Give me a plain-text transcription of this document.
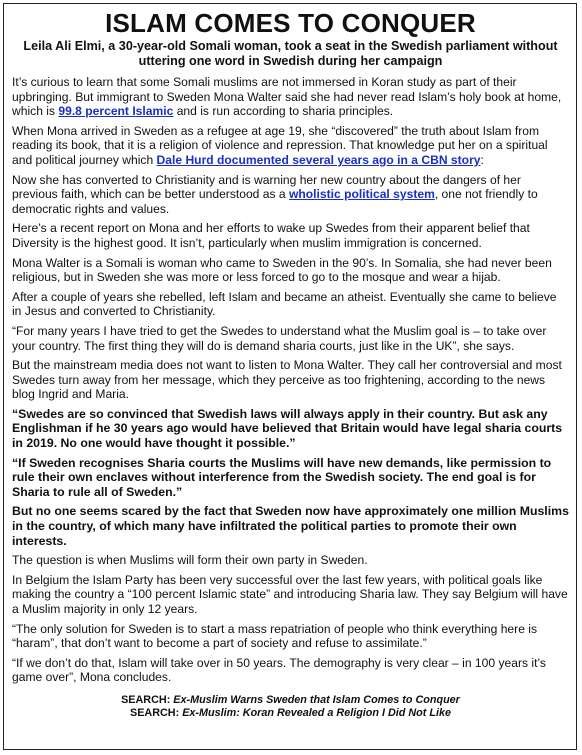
ISLAM COMES TO CONQUER

Leila Ali Elmi, a 30-year-old Somali woman, took a seat in the Swedish parliament without uttering one word in Swedish during her campaign

It’s curious to learn that some Somali muslims are not immersed in Koran study as part of their upbringing. But immigrant to Sweden Mona Walter said she had never read Islam’s holy book at home, which is 99.8 percent Islamic and is run according to sharia principles.

When Mona arrived in Sweden as a refugee at age 19, she “discovered” the truth about Islam from reading its book, that it is a religion of violence and repression. That knowledge put her on a spiritual and political journey which Dale Hurd documented several years ago in a CBN story:

Now she has converted to Christianity and is warning her new country about the dangers of her previous faith, which can be better understood as a wholistic political system, one not friendly to democratic rights and values.

Here’s a recent report on Mona and her efforts to wake up Swedes from their apparent belief that Diversity is the highest good. It isn’t, particularly when muslim immigration is concerned.

Mona Walter is a Somali is woman who came to Sweden in the 90’s. In Somalia, she had never been religious, but in Sweden she was more or less forced to go to the mosque and wear a hijab.

After a couple of years she rebelled, left Islam and became an atheist. Eventually she came to believe in Jesus and converted to Christianity.

“For many years I have tried to get the Swedes to understand what the Muslim goal is – to take over your country. The first thing they will do is demand sharia courts, just like in the UK”, she says.

But the mainstream media does not want to listen to Mona Walter. They call her controversial and most Swedes turn away from her message, which they perceive as too frightening, according to the news blog Ingrid and Maria.

“Swedes are so convinced that Swedish laws will always apply in their country. But ask any Englishman if he 30 years ago would have believed that Britain would have legal sharia courts in 2019. No one would have thought it possible.”

“If Sweden recognises Sharia courts the Muslims will have new demands, like permission to rule their own enclaves without interference from the Swedish society. The end goal is for Sharia to rule all of Sweden.”

But no one seems scared by the fact that Sweden now have approximately one million Muslims in the country, of which many have infiltrated the political parties to promote their own interests.

The question is when Muslims will form their own party in Sweden.

In Belgium the Islam Party has been very successful over the last few years, with political goals like making the country a “100 percent Islamic state” and introducing Sharia law. They say Belgium will have a Muslim majority in only 12 years.

“The only solution for Sweden is to start a mass repatriation of people who think everything here is “haram”, that don’t want to become a part of society and refuse to assimilate.”

“If we don’t do that, Islam will take over in 50 years. The demography is very clear – in 100 years it’s game over”, Mona concludes.

SEARCH: Ex-Muslim Warns Sweden that Islam Comes to Conquer
SEARCH: Ex-Muslim: Koran Revealed a Religion I Did Not Like
